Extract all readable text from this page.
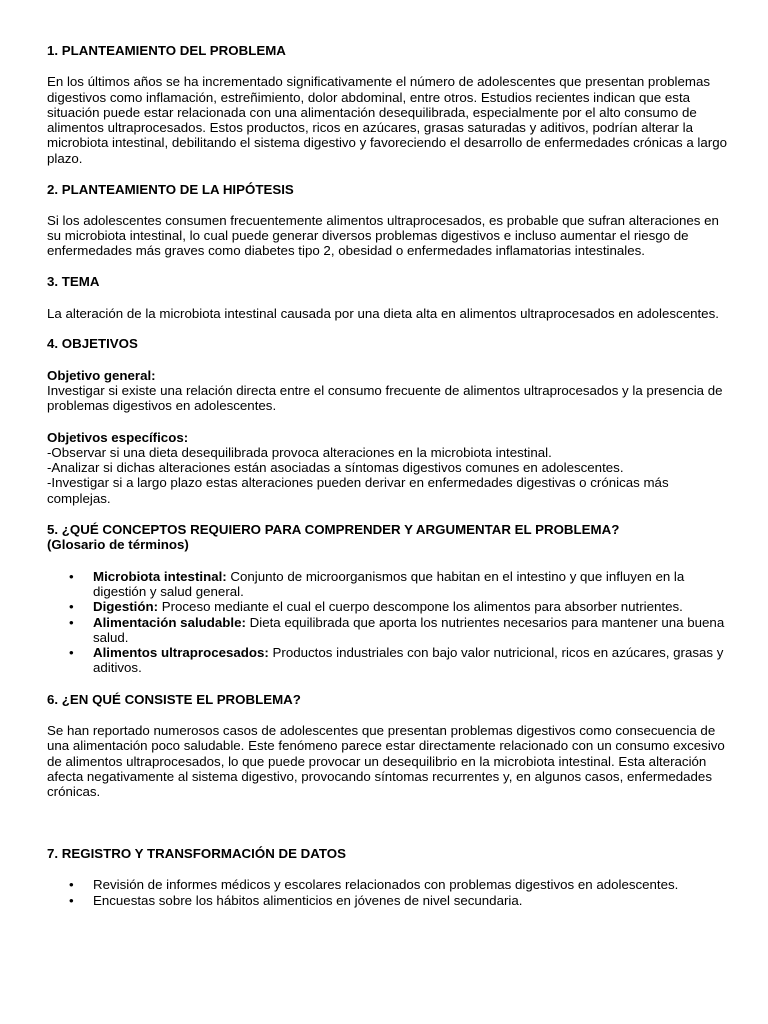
1. PLANTEAMIENTO DEL PROBLEMA

En los últimos años se ha incrementado significativamente el número de adolescentes que presentan problemas digestivos como inflamación, estreñimiento, dolor abdominal, entre otros. Estudios recientes indican que esta situación puede estar relacionada con una alimentación desequilibrada, especialmente por el alto consumo de alimentos ultraprocesados. Estos productos, ricos en azúcares, grasas saturadas y aditivos, podrían alterar la microbiota intestinal, debilitando el sistema digestivo y favoreciendo el desarrollo de enfermedades crónicas a largo plazo.

2. PLANTEAMIENTO DE LA HIPÓTESIS

Si los adolescentes consumen frecuentemente alimentos ultraprocesados, es probable que sufran alteraciones en su microbiota intestinal, lo cual puede generar diversos problemas digestivos e incluso aumentar el riesgo de enfermedades más graves como diabetes tipo 2, obesidad o enfermedades inflamatorias intestinales.

3. TEMA

La alteración de la microbiota intestinal causada por una dieta alta en alimentos ultraprocesados en adolescentes.

4. OBJETIVOS
Objetivo general:
Investigar si existe una relación directa entre el consumo frecuente de alimentos ultraprocesados y la presencia de problemas digestivos en adolescentes.
Objetivos específicos:
-Observar si una dieta desequilibrada provoca alteraciones en la microbiota intestinal.
-Analizar si dichas alteraciones están asociadas a síntomas digestivos comunes en adolescentes.
-Investigar si a largo plazo estas alteraciones pueden derivar en enfermedades digestivas o crónicas más complejas.
5. ¿QUÉ CONCEPTOS REQUIERO PARA COMPRENDER Y ARGUMENTAR EL PROBLEMA?
(Glosario de términos)
• Microbiota intestinal: Conjunto de microorganismos que habitan en el intestino y que influyen en la digestión y salud general.
• Digestión: Proceso mediante el cual el cuerpo descompone los alimentos para absorber nutrientes.
• Alimentación saludable: Dieta equilibrada que aporta los nutrientes necesarios para mantener una buena salud.
• Alimentos ultraprocesados: Productos industriales con bajo valor nutricional, ricos en azúcares, grasas y aditivos.
6. ¿EN QUÉ CONSISTE EL PROBLEMA?

Se han reportado numerosos casos de adolescentes que presentan problemas digestivos como consecuencia de una alimentación poco saludable. Este fenómeno parece estar directamente relacionado con un consumo excesivo de alimentos ultraprocesados, lo que puede provocar un desequilibrio en la microbiota intestinal. Esta alteración afecta negativamente al sistema digestivo, provocando síntomas recurrentes y, en algunos casos, enfermedades crónicas.

7. REGISTRO Y TRANSFORMACIÓN DE DATOS
• Revisión de informes médicos y escolares relacionados con problemas digestivos en adolescentes.
• Encuestas sobre los hábitos alimenticios en jóvenes de nivel secundaria.
